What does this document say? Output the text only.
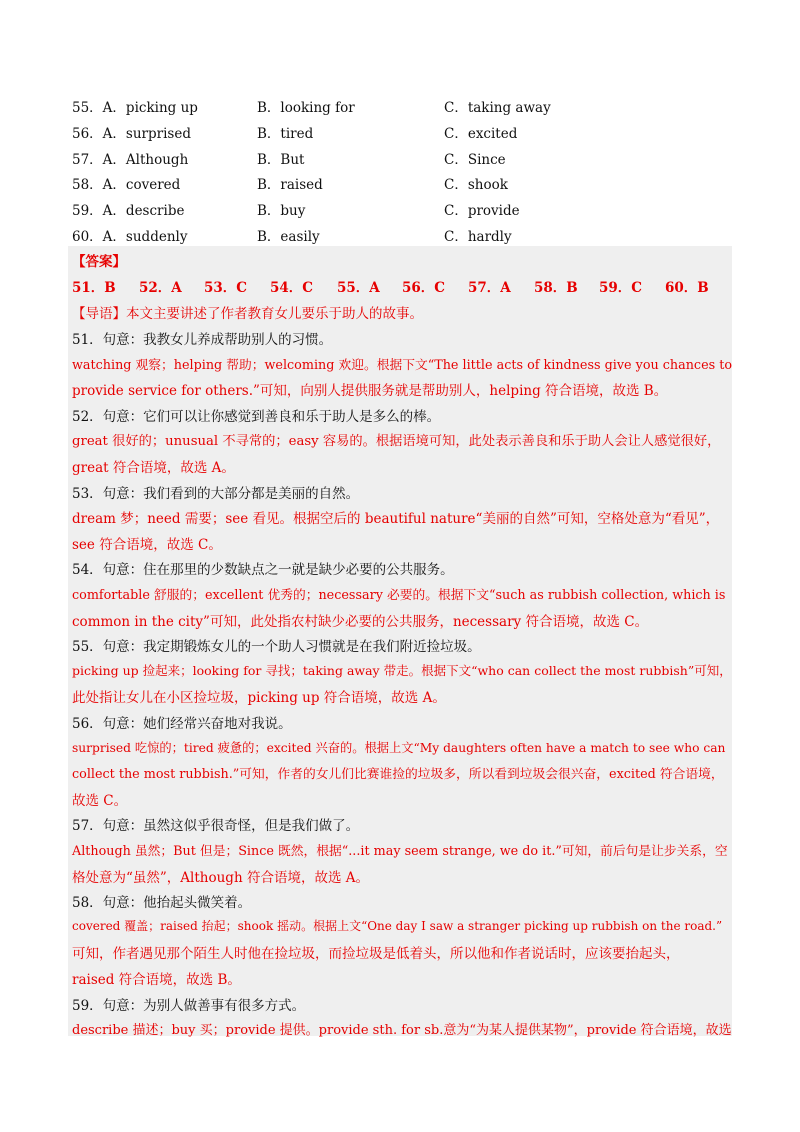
55．A．picking up	B．looking for	C．taking away
56．A．surprised	B．tired	C．excited
57．A．Although	B．But	C．Since
58．A．covered	B．raised	C．shook
59．A．describe	B．buy	C．provide
60．A．suddenly	B．easily	C．hardly
【答案】
51．B 52．A 53．C 54．C 55．A 56．C 57．A 58．B 59．C 60．B
【导语】本文主要讲述了作者教育女儿要乐于助人的故事。
51．句意：我教女儿养成帮助别人的习惯。
watching 观察；helping 帮助；welcoming 欢迎。根据下文“The little acts of kindness give you chances to
provide service for others.”可知，向别人提供服务就是帮助别人，helping 符合语境，故选 B。
52．句意：它们可以让你感觉到善良和乐于助人是多么的棒。
great 很好的；unusual 不寻常的；easy 容易的。根据语境可知，此处表示善良和乐于助人会让人感觉很好，
great 符合语境，故选 A。
53．句意：我们看到的大部分都是美丽的自然。
dream 梦；need 需要；see 看见。根据空后的 beautiful nature“美丽的自然”可知，空格处意为“看见”，
see 符合语境，故选 C。
54．句意：住在那里的少数缺点之一就是缺少必要的公共服务。
comfortable 舒服的；excellent 优秀的；necessary 必要的。根据下文“such as rubbish collection, which is
common in the city”可知，此处指农村缺少必要的公共服务，necessary 符合语境，故选 C。
55．句意：我定期锻炼女儿的一个助人习惯就是在我们附近捡垃圾。
picking up 捡起来；looking for 寻找；taking away 带走。根据下文“who can collect the most rubbish”可知，
此处指让女儿在小区捡垃圾，picking up 符合语境，故选 A。
56．句意：她们经常兴奋地对我说。
surprised 吃惊的；tired 疲惫的；excited 兴奋的。根据上文“My daughters often have a match to see who can
collect the most rubbish.”可知，作者的女儿们比赛谁捡的垃圾多，所以看到垃圾会很兴奋，excited 符合语境，
故选 C。
57．句意：虽然这似乎很奇怪，但是我们做了。
Although 虽然；But 但是；Since 既然，根据“...it may seem strange, we do it.”可知，前后句是让步关系，空
格处意为“虽然”，Although 符合语境，故选 A。
58．句意：他抬起头微笑着。
covered 覆盖；raised 抬起；shook 摇动。根据上文“One day I saw a stranger picking up rubbish on the road.”
可知，作者遇见那个陌生人时他在捡垃圾，而捡垃圾是低着头，所以他和作者说话时，应该要抬起头，
raised 符合语境，故选 B。
59．句意：为别人做善事有很多方式。
describe 描述；buy 买；provide 提供。provide sth. for sb.意为“为某人提供某物”，provide 符合语境，故选
